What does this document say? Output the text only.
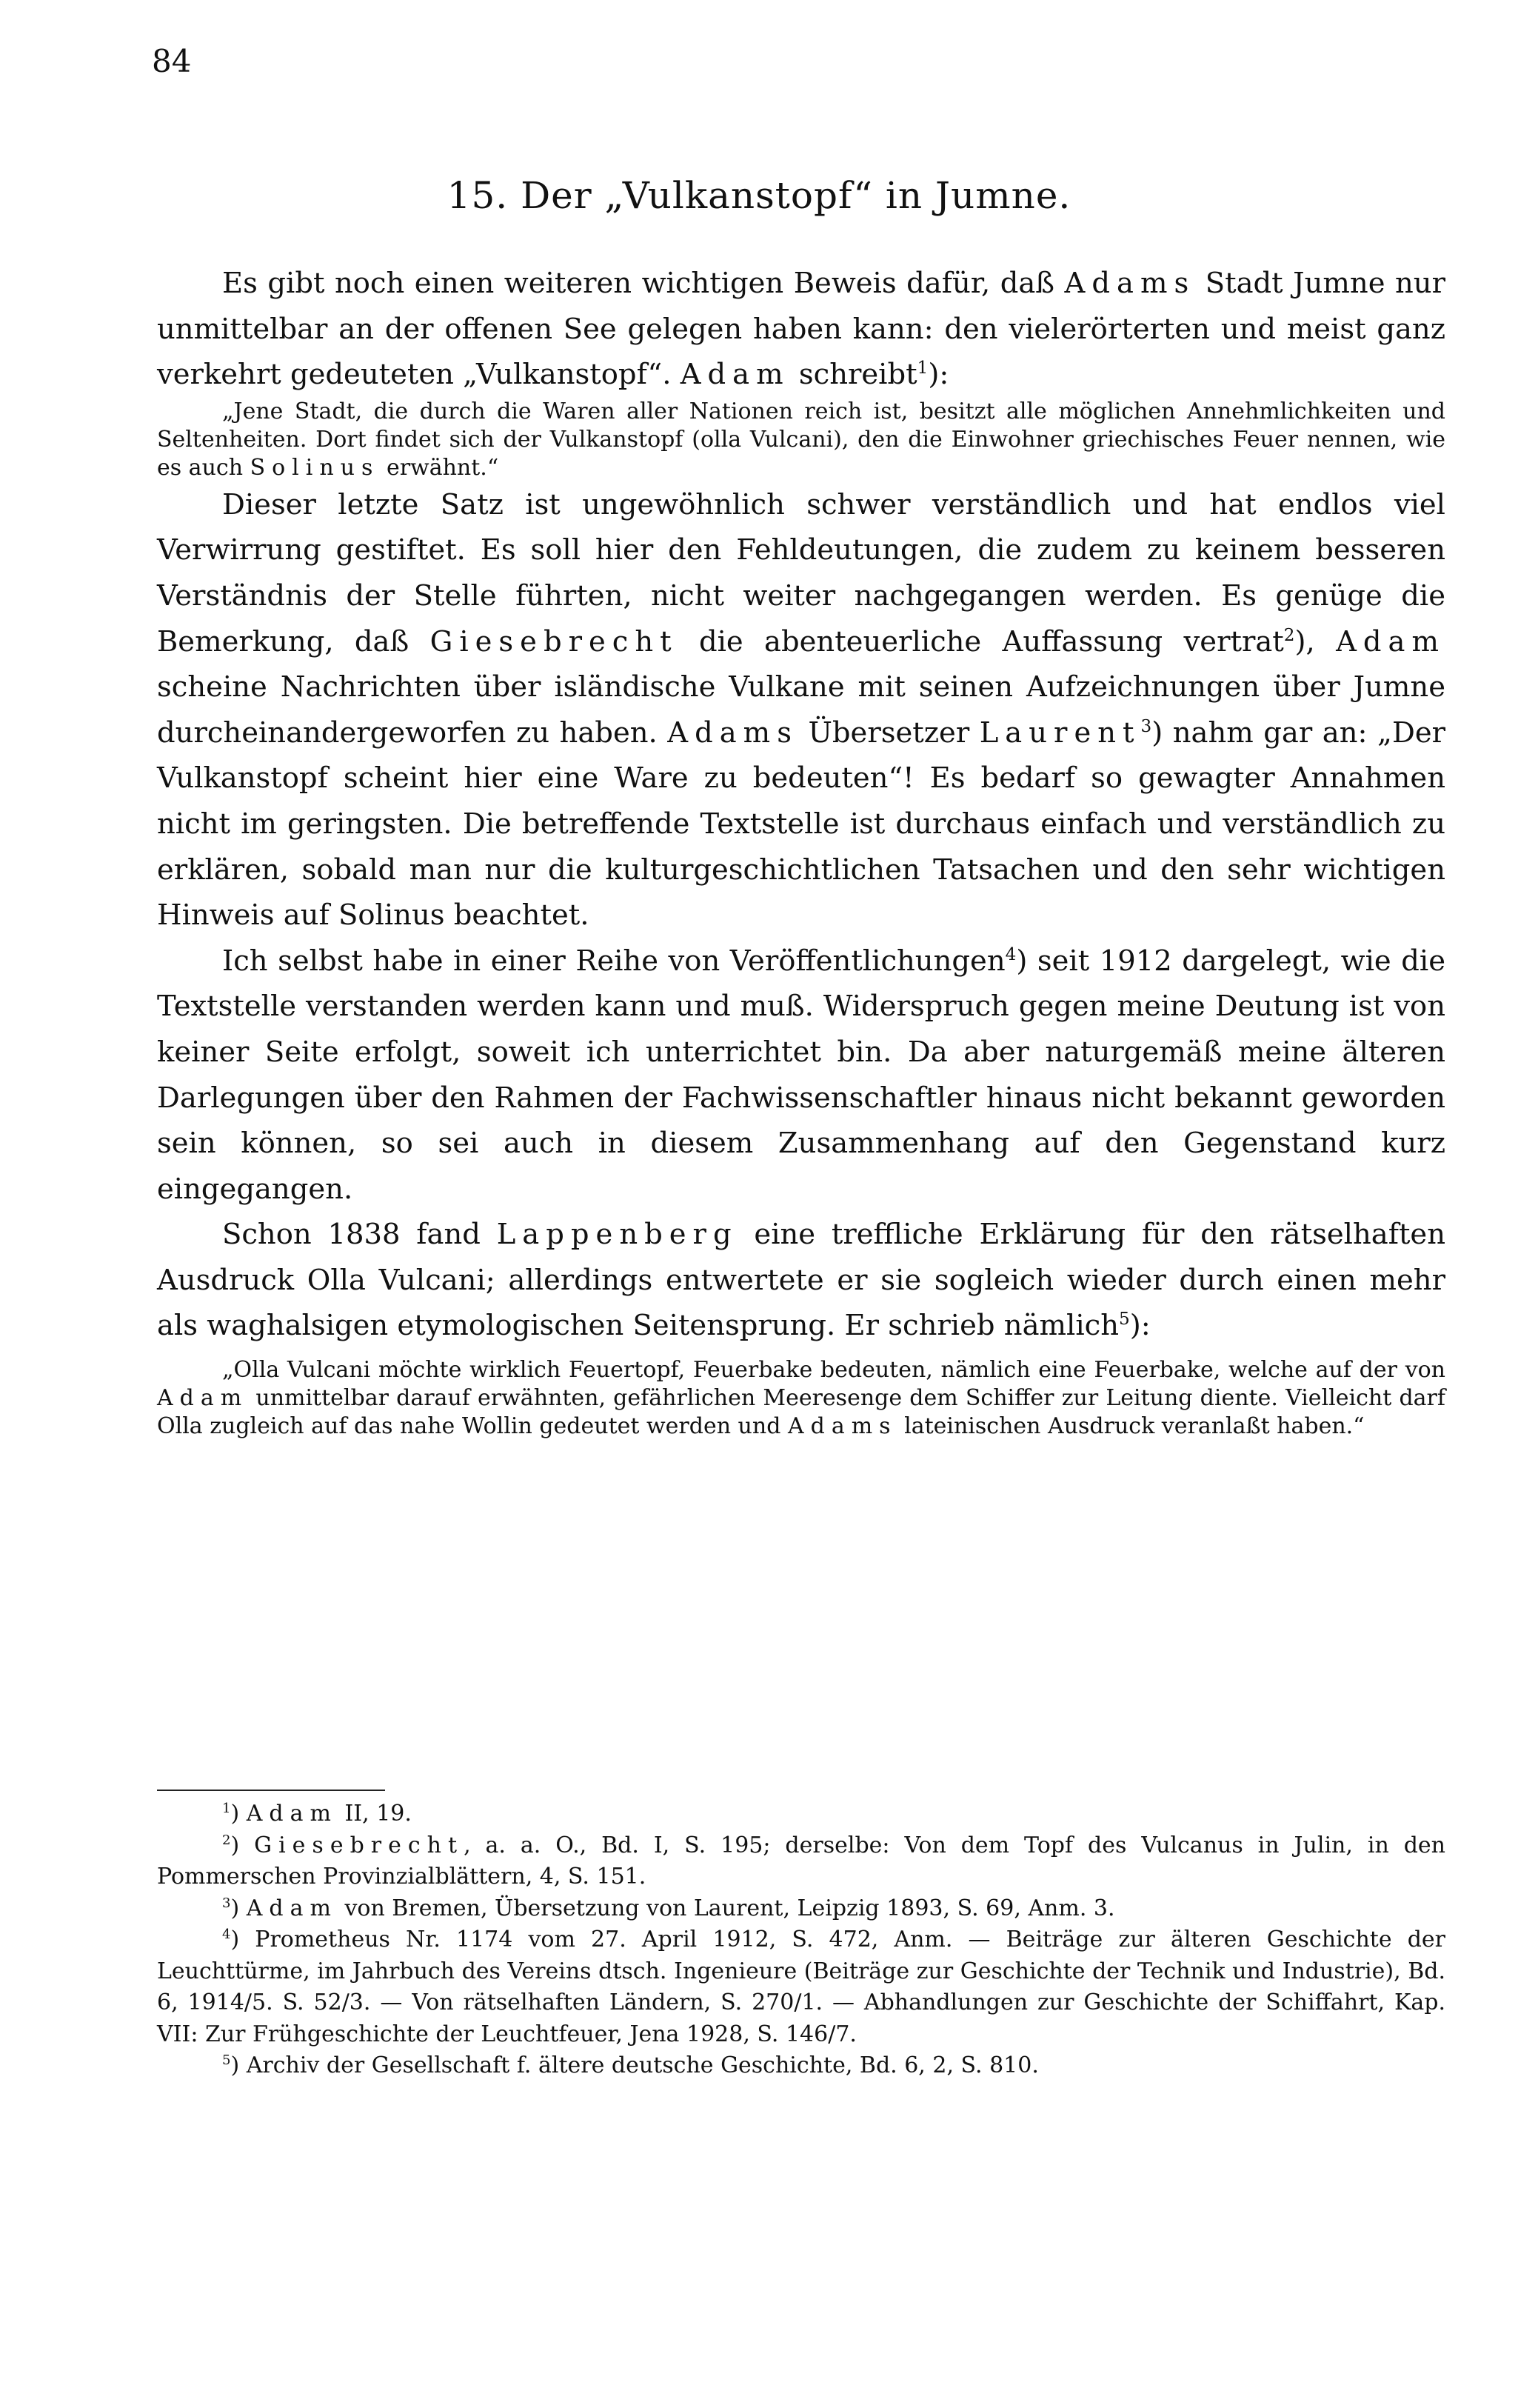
84
15. Der „Vulkanstopf“ in Jumne.

Es gibt noch einen weiteren wichtigen Beweis dafür, daß Adams Stadt Jumne nur unmittelbar an der offenen See gelegen haben kann: den vielerörterten und meist ganz verkehrt gedeuteten „Vulkanstopf“. Adam schreibt$^1$):

„Jene Stadt, die durch die Waren aller Nationen reich ist, besitzt alle möglichen Annehmlichkeiten und Seltenheiten. Dort findet sich der Vulkanstopf (olla Vulcani), den die Einwohner griechisches Feuer nennen, wie es auch Solinus erwähnt.“

Dieser letzte Satz ist ungewöhnlich schwer verständlich und hat endlos viel Verwirrung gestiftet. Es soll hier den Fehldeutungen, die zudem zu keinem besseren Verständnis der Stelle führten, nicht weiter nachgegangen werden. Es genüge die Bemerkung, daß Giesebrecht die abenteuerliche Auffassung vertrat$^2$), Adam scheine Nachrichten über isländische Vulkane mit seinen Aufzeichnungen über Jumne durcheinandergeworfen zu haben. Adams Übersetzer Laurent$^3$) nahm gar an: „Der Vulkanstopf scheint hier eine Ware zu bedeuten“! Es bedarf so gewagter Annahmen nicht im geringsten. Die betreffende Textstelle ist durchaus einfach und verständlich zu erklären, sobald man nur die kulturgeschichtlichen Tatsachen und den sehr wichtigen Hinweis auf Solinus beachtet.

Ich selbst habe in einer Reihe von Veröffentlichungen$^4$) seit 1912 dargelegt, wie die Textstelle verstanden werden kann und muß. Widerspruch gegen meine Deutung ist von keiner Seite erfolgt, soweit ich unterrichtet bin. Da aber naturgemäß meine älteren Darlegungen über den Rahmen der Fachwissenschaftler hinaus nicht bekannt geworden sein können, so sei auch in diesem Zusammenhang auf den Gegenstand kurz eingegangen.

Schon 1838 fand Lappenberg eine treffliche Erklärung für den rätselhaften Ausdruck Olla Vulcani; allerdings entwertete er sie sogleich wieder durch einen mehr als waghalsigen etymologischen Seitensprung. Er schrieb nämlich$^5$):

„Olla Vulcani möchte wirklich Feuertopf, Feuerbake bedeuten, nämlich eine Feuerbake, welche auf der von Adam unmittelbar darauf erwähnten, gefährlichen Meeresenge dem Schiffer zur Leitung diente. Vielleicht darf Olla zugleich auf das nahe Wollin gedeutet werden und Adams lateinischen Ausdruck veranlaßt haben.“

$^1$) Adam II, 19.

$^2$) Giesebrecht, a. a. O., Bd. I, S. 195; derselbe: Von dem Topf des Vulcanus in Julin, in den Pommerschen Provinzialblättern, 4, S. 151.

$^3$) Adam von Bremen, Übersetzung von Laurent, Leipzig 1893, S. 69, Anm. 3.

$^4$) Prometheus Nr. 1174 vom 27. April 1912, S. 472, Anm. — Beiträge zur älteren Geschichte der Leuchttürme, im Jahrbuch des Vereins dtsch. Ingenieure (Beiträge zur Geschichte der Technik und Industrie), Bd. 6, 1914/5. S. 52/3. — Von rätselhaften Ländern, S. 270/1. — Abhandlungen zur Geschichte der Schiffahrt, Kap. VII: Zur Frühgeschichte der Leuchtfeuer, Jena 1928, S. 146/7.

$^5$) Archiv der Gesellschaft f. ältere deutsche Geschichte, Bd. 6, 2, S. 810.
